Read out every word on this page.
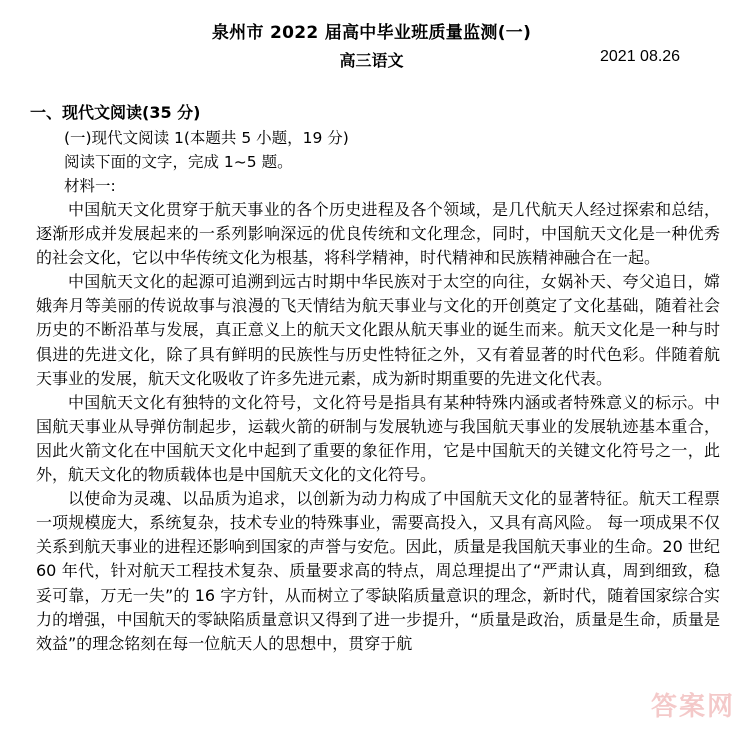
泉州市 2022 届高中毕业班质量监测(一)
高三语文	2021 08.26
一、现代文阅读(35 分)
(一)现代文阅读 1(本题共 5 小题，19 分)
阅读下面的文字，完成 1~5 题。
材料一:

中国航天文化贯穿于航天事业的各个历史进程及各个领域，是几代航天人经过探索和总结，逐渐形成并发展起来的一系列影响深远的优良传统和文化理念，同时，中国航天文化是一种优秀的社会文化，它以中华传统文化为根基，将科学精神，时代精神和民族精神融合在一起。

中国航天文化的起源可追溯到远古时期中华民族对于太空的向往，女娲补天、夸父追日，嫦娥奔月等美丽的传说故事与浪漫的飞天情结为航天事业与文化的开创奠定了文化基础，随着社会历史的不断沿革与发展，真正意义上的航天文化跟从航天事业的诞生而来。航天文化是一种与时俱进的先进文化，除了具有鲜明的民族性与历史性特征之外，又有着显著的时代色彩。伴随着航天事业的发展，航天文化吸收了许多先进元素，成为新时期重要的先进文化代表。

中国航天文化有独特的文化符号，文化符号是指具有某种特殊内涵或者特殊意义的标示。中国航天事业从导弹仿制起步，运载火箭的研制与发展轨迹与我国航天事业的发展轨迹基本重合，因此火箭文化在中国航天文化中起到了重要的象征作用，它是中国航天的关键文化符号之一，此外，航天文化的物质载体也是中国航天文化的文化符号。

以使命为灵魂、以品质为追求，以创新为动力构成了中国航天文化的显著特征。航天工程票一项规模庞大，系统复杂，技术专业的特殊事业，需要高投入，又具有高风险。 每一项成果不仅关系到航天事业的进程还影响到国家的声誉与安危。因此，质量是我国航天事业的生命。20 世纪 60 年代，针对航天工程技术复杂、质量要求高的特点，周总理提出了“严肃认真，周到细致，稳妥可靠，万无一失”的 16 字方针，从而树立了零缺陷质量意识的理念，新时代，随着国家综合实力的增强，中国航天的零缺陷质量意识又得到了进一步提升，“质量是政治，质量是生命，质量是效益”的理念铭刻在每一位航天人的思想中，贯穿于航

答案网
